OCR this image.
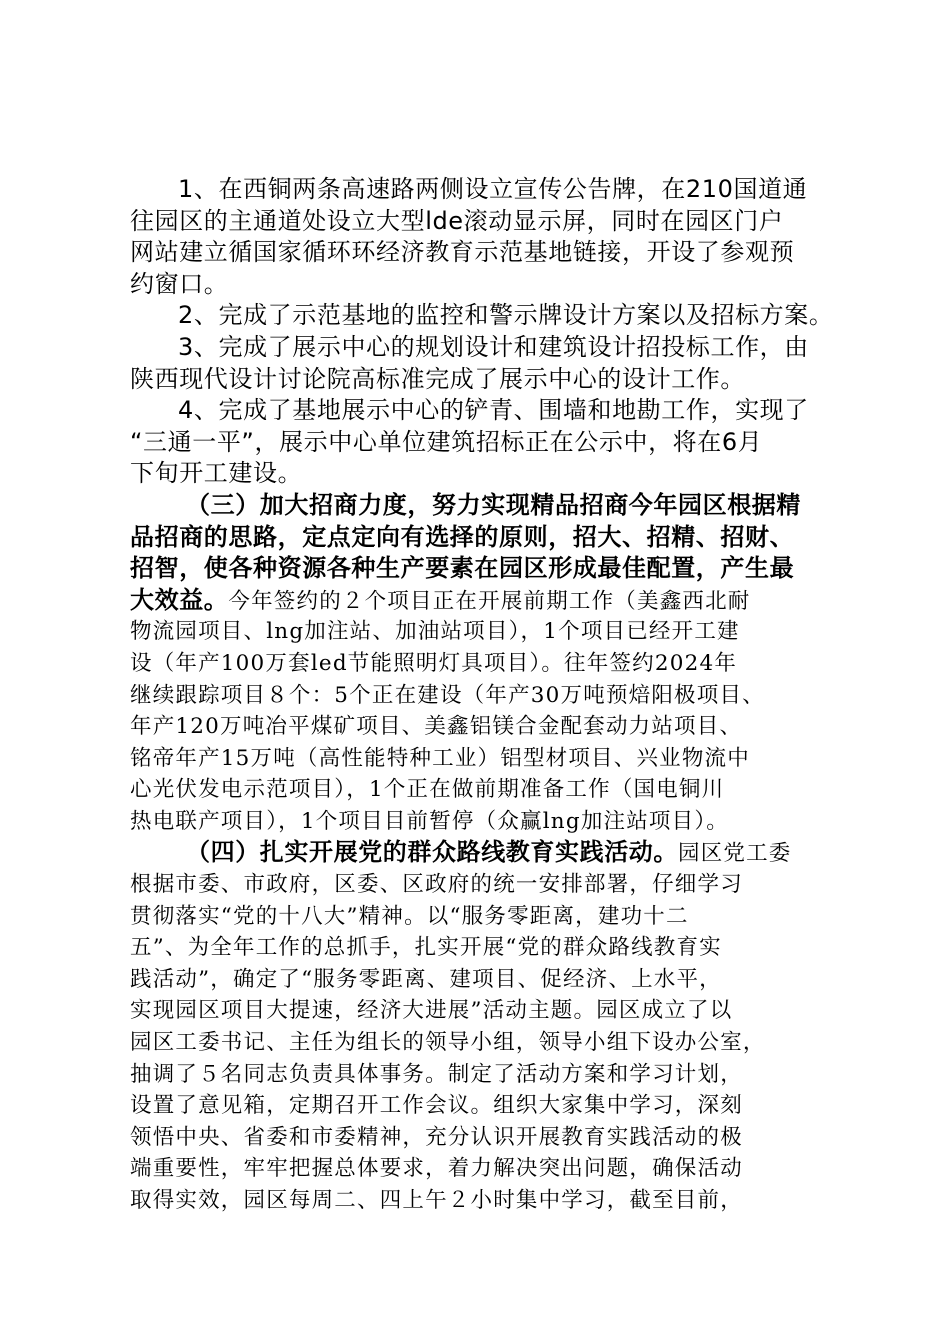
1、在西铜两条高速路两侧设立宣传公告牌，在210国道通
往园区的主通道处设立大型lde滚动显示屏，同时在园区门户
网站建立循国家循环环经济教育示范基地链接，开设了参观预
约窗口。
2、完成了示范基地的监控和警示牌设计方案以及招标方案。
3、完成了展示中心的规划设计和建筑设计招投标工作，由
陕西现代设计讨论院高标准完成了展示中心的设计工作。
4、完成了基地展示中心的铲青、围墙和地勘工作，实现了
“三通一平”，展示中心单位建筑招标正在公示中，将在6月
下旬开工建设。
（三）加大招商力度，努力实现精品招商今年园区根据精
品招商的思路，定点定向有选择的原则，招大、招精、招财、
招智，使各种资源各种生产要素在园区形成最佳配置，产生最
大效益。今年签约的２个项目正在开展前期工作（美鑫西北耐
物流园项目、lng加注站、加油站项目），1个项目已经开工建
设（年产100万套led节能照明灯具项目）。往年签约2024年
继续跟踪项目８个：5个正在建设（年产30万吨预焙阳极项目、
年产120万吨冶平煤矿项目、美鑫铝镁合金配套动力站项目、
铭帝年产15万吨（高性能特种工业）铝型材项目、兴业物流中
心光伏发电示范项目），1个正在做前期准备工作（国电铜川
热电联产项目），1个项目目前暂停（众赢lng加注站项目）。
（四）扎实开展党的群众路线教育实践活动。园区党工委
根据市委、市政府，区委、区政府的统一安排部署，仔细学习
贯彻落实“党的十八大”精神。以“服务零距离，建功十二
五”、为全年工作的总抓手，扎实开展“党的群众路线教育实
践活动”，确定了“服务零距离、建项目、促经济、上水平，
实现园区项目大提速，经济大进展”活动主题。园区成立了以
园区工委书记、主任为组长的领导小组，领导小组下设办公室，
抽调了５名同志负责具体事务。制定了活动方案和学习计划，
设置了意见箱，定期召开工作会议。组织大家集中学习，深刻
领悟中央、省委和市委精神，充分认识开展教育实践活动的极
端重要性，牢牢把握总体要求，着力解决突出问题，确保活动
取得实效，园区每周二、四上午２小时集中学习，截至目前，
